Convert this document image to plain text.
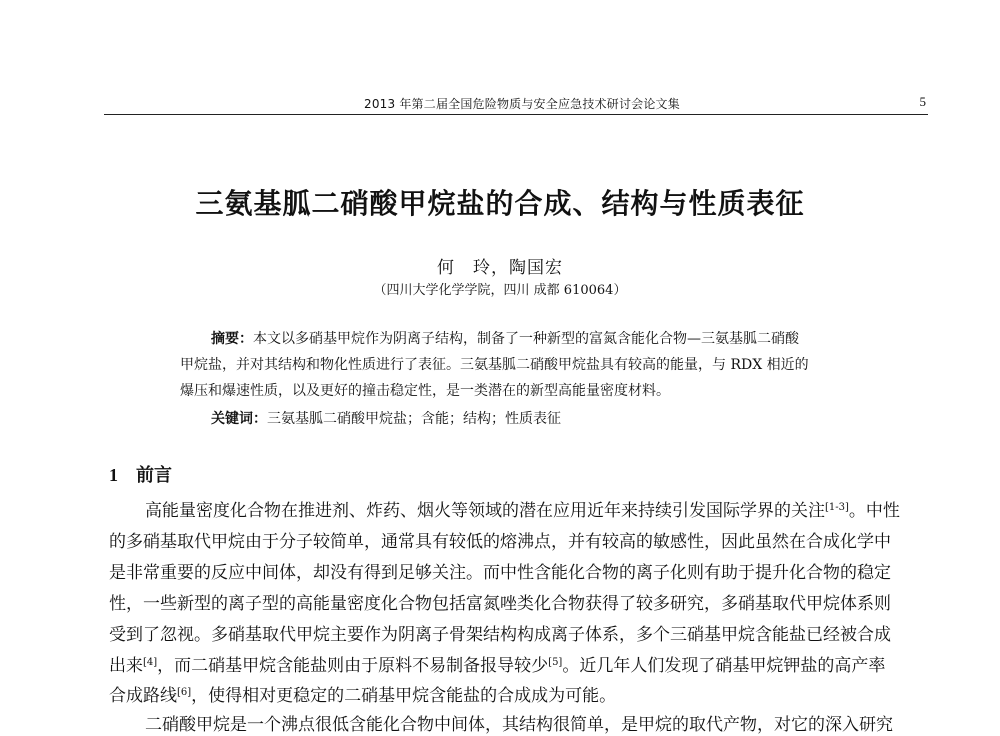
2013 年第二届全国危险物质与安全应急技术研讨会论文集	5
三氨基胍二硝酸甲烷盐的合成、结构与性质表征
何　玲，陶国宏
（四川大学化学学院，四川 成都 610064）

摘要：本文以多硝基甲烷作为阴离子结构，制备了一种新型的富氮含能化合物—三氨基胍二硝酸

甲烷盐，并对其结构和物化性质进行了表征。三氨基胍二硝酸甲烷盐具有较高的能量，与 RDX 相近的

爆压和爆速性质，以及更好的撞击稳定性，是一类潜在的新型高能量密度材料。

关键词：三氨基胍二硝酸甲烷盐；含能；结构；性质表征
1 前言

高能量密度化合物在推进剂、炸药、烟火等领域的潜在应用近年来持续引发国际学界的关注[1-3]。中性

的多硝基取代甲烷由于分子较简单，通常具有较低的熔沸点，并有较高的敏感性，因此虽然在合成化学中

是非常重要的反应中间体，却没有得到足够关注。而中性含能化合物的离子化则有助于提升化合物的稳定

性，一些新型的离子型的高能量密度化合物包括富氮唑类化合物获得了较多研究，多硝基取代甲烷体系则

受到了忽视。多硝基取代甲烷主要作为阴离子骨架结构构成离子体系，多个三硝基甲烷含能盐已经被合成

出来[4]，而二硝基甲烷含能盐则由于原料不易制备报导较少[5]。近几年人们发现了硝基甲烷钾盐的高产率

合成路线[6]，使得相对更稳定的二硝基甲烷含能盐的合成成为可能。

二硝酸甲烷是一个沸点很低含能化合物中间体，其结构很简单，是甲烷的取代产物，对它的深入研究
